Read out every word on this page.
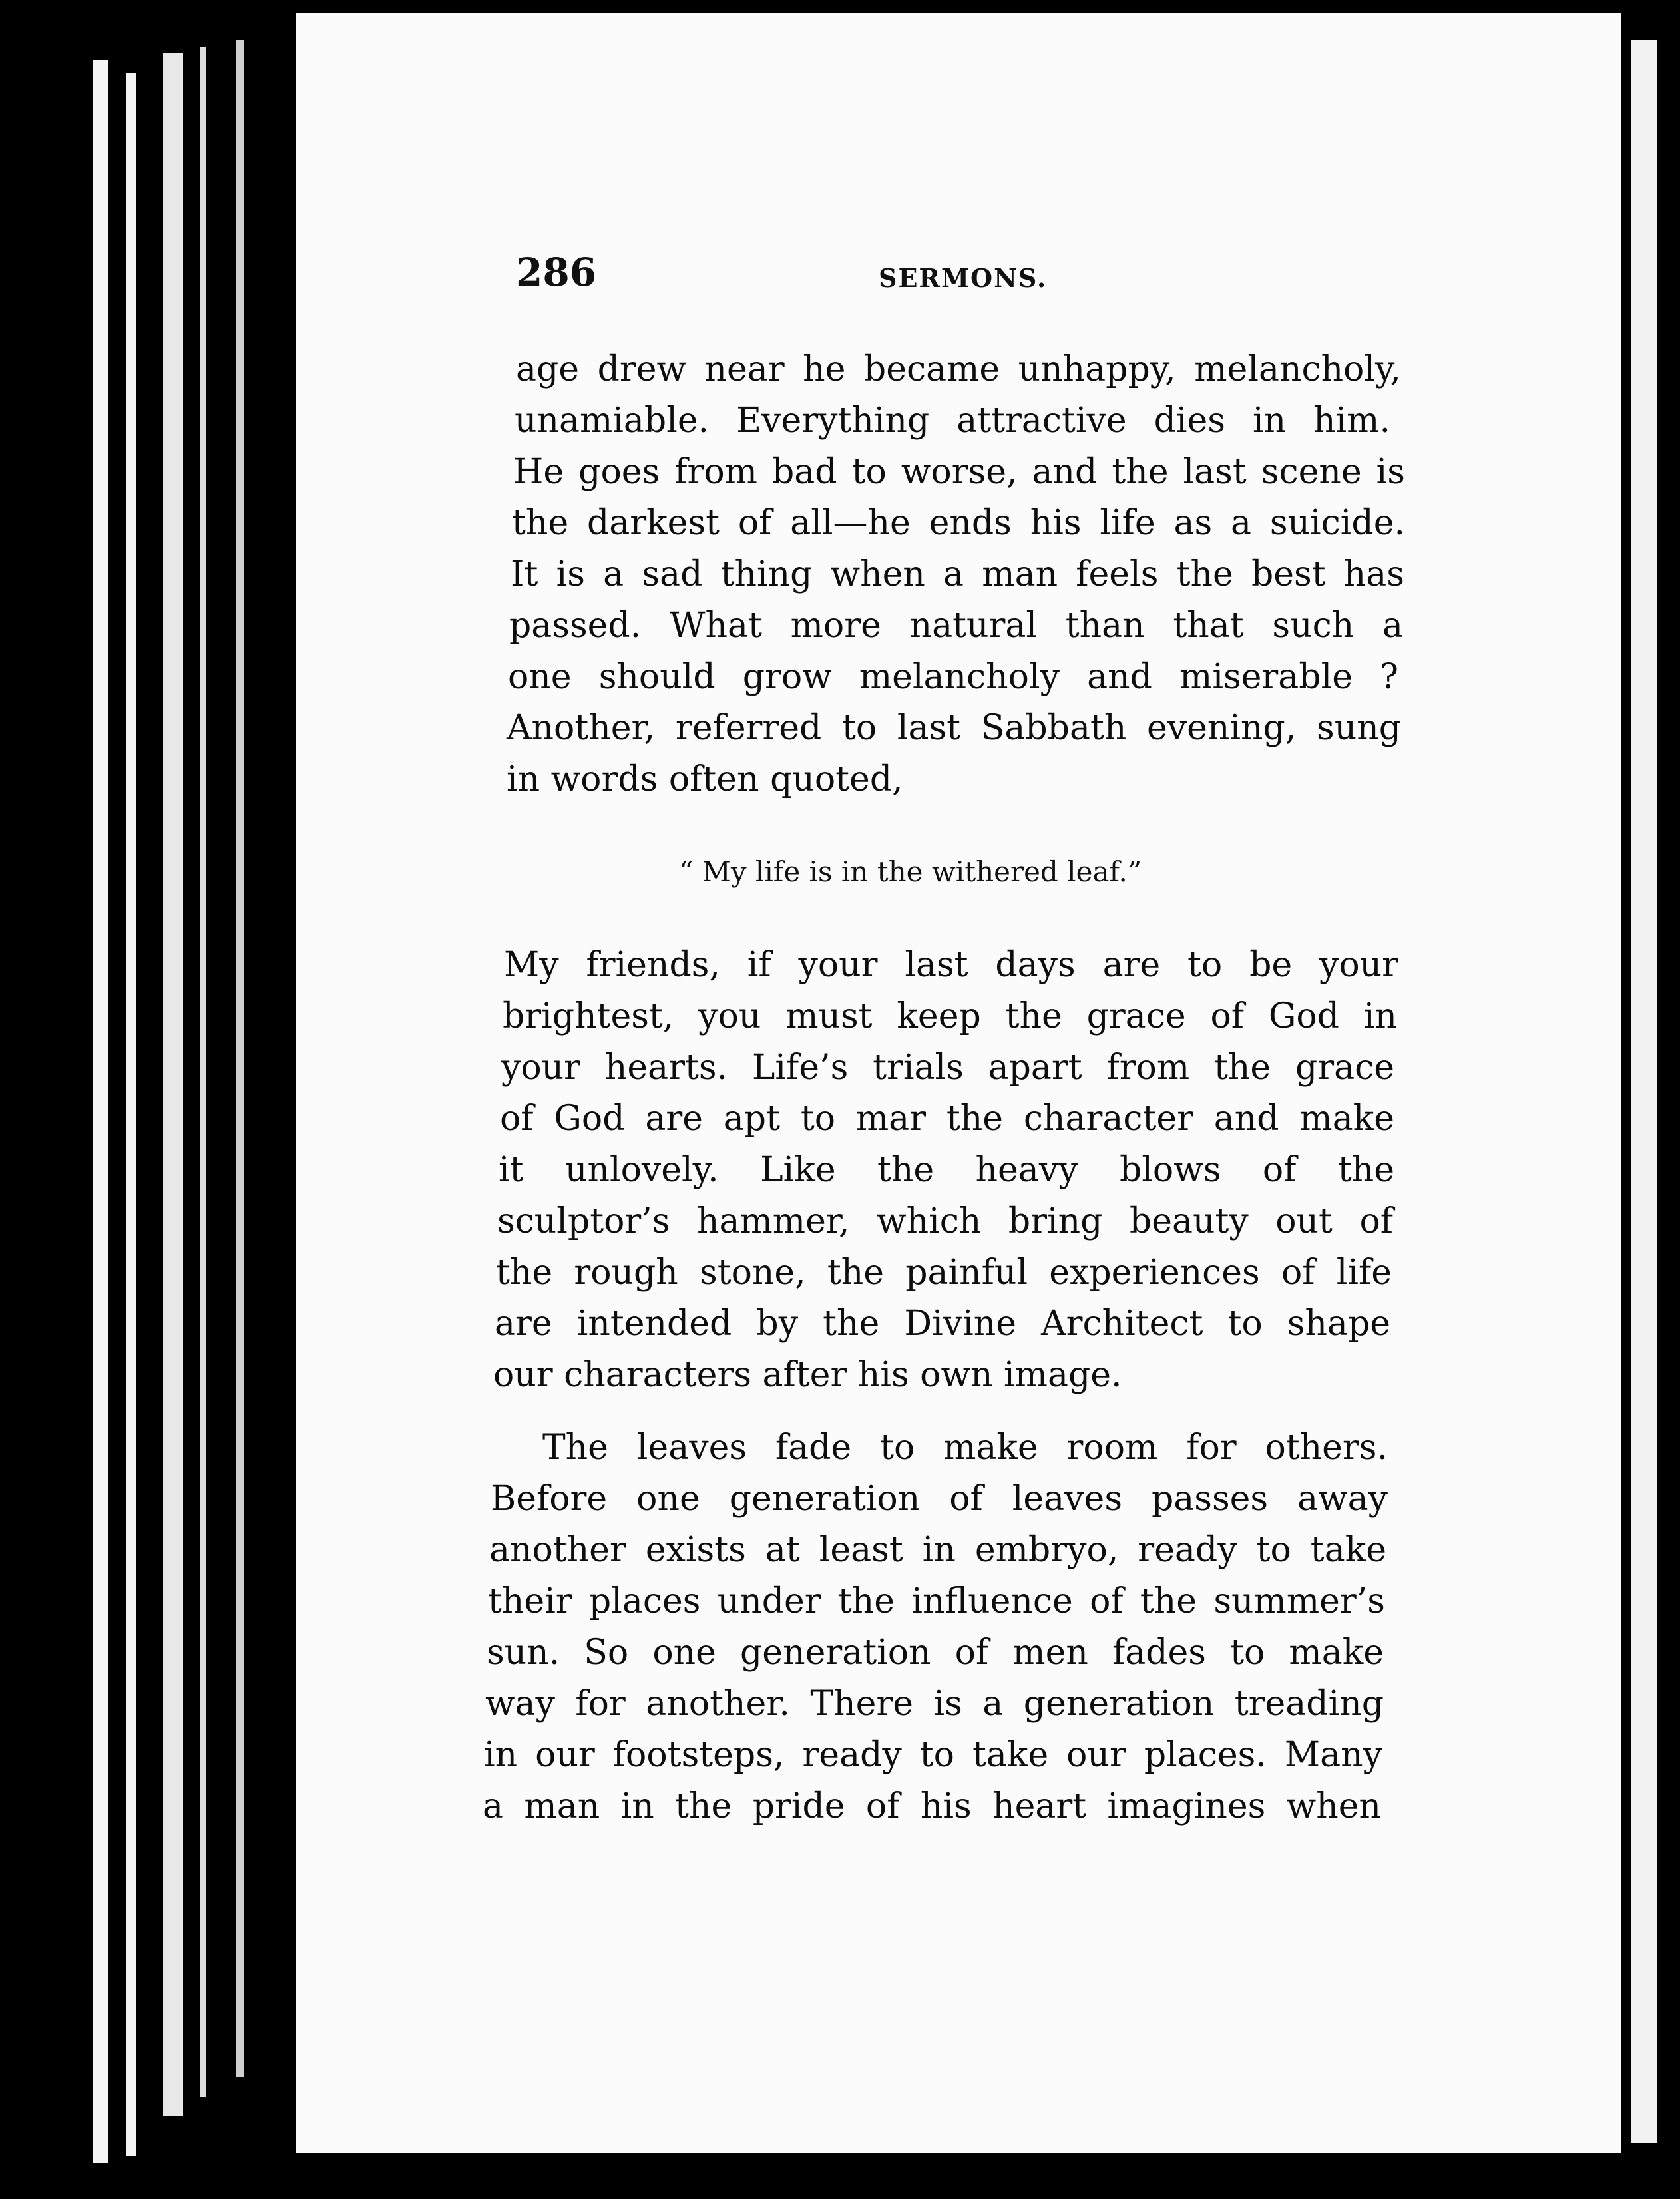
286	SERMONS.
age drew near he became unhappy, melancholy,
unamiable. Everything attractive dies in him.
He goes from bad to worse, and the last scene is
the darkest of all—he ends his life as a suicide.
It is a sad thing when a man feels the best has
passed. What more natural than that such a
one should grow melancholy and miserable ?
Another, referred to last Sabbath evening, sung
in words often quoted,
“ My life is in the withered leaf.”
My friends, if your last days are to be your
brightest, you must keep the grace of God in
your hearts. Life’s trials apart from the grace
of God are apt to mar the character and make
it unlovely. Like the heavy blows of the
sculptor’s hammer, which bring beauty out of
the rough stone, the painful experiences of life
are intended by the Divine Architect to shape
our characters after his own image.
The leaves fade to make room for others.
Before one generation of leaves passes away
another exists at least in embryo, ready to take
their places under the influence of the summer’s
sun. So one generation of men fades to make
way for another. There is a generation treading
in our footsteps, ready to take our places. Many
a man in the pride of his heart imagines when
